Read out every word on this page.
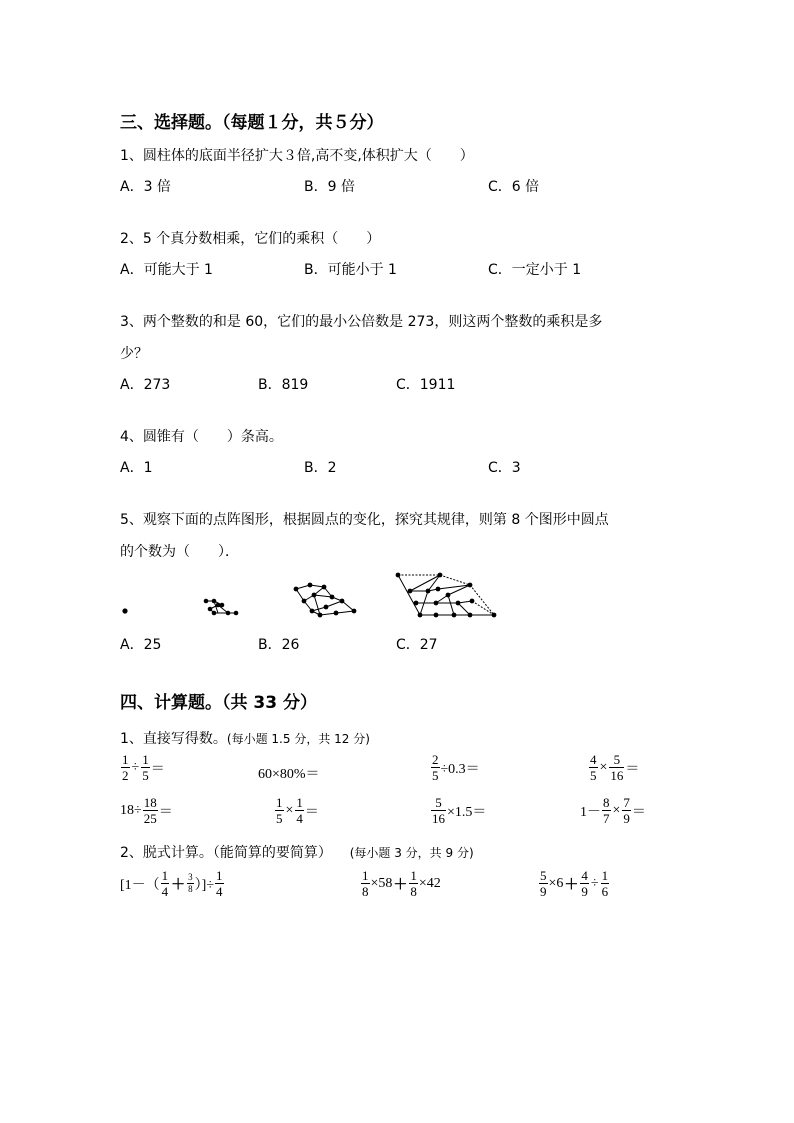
三、选择题。（每题１分，共５分）
1、圆柱体的底面半径扩大３倍,高不变,体积扩大（　　）
A．3 倍	B．9 倍	C．6 倍
2、5 个真分数相乘，它们的乘积（　　）
A．可能大于 1	B．可能小于 1	C．一定小于 1
3、两个整数的和是 60，它们的最小公倍数是 273，则这两个整数的乘积是多
少？
A．273	B．819	C．1911
4、圆锥有（　　）条高。
A．1	B．2	C．3
5、观察下面的点阵图形，根据圆点的变化，探究其规律，则第 8 个图形中圆点
的个数为（　　）．
A．25	B．26	C．27
四、计算题。（共 33 分）
1、直接写得数。(每小题 1.5 分，共 12 分)
$\frac{1}{2} \div \frac{1}{5}$ ＝	60×80%＝	$\frac{2}{5} \div 0.3=$	$\frac{4}{5} \times \frac{5}{16}$ ＝
$18\div \frac{18}{25}$ ＝	$\frac{1}{5} \times \frac{1}{4}$ ＝	$\frac{5}{16} \times 1.5=$	$1- \frac{8}{7} \times \frac{7}{9}$ ＝
2、脱式计算。（能简算的要简算） (每小题 3 分，共 9 分)
[$1-( \frac{1}{4} + \frac{3}{8}$ ）]÷ $\frac{1}{4}$	$\frac{1}{8} \times 58 + \frac{1}{8} \times 42$	$\frac{5}{9} \times 6 + \frac{4}{9} \div \frac{1}{6}$
